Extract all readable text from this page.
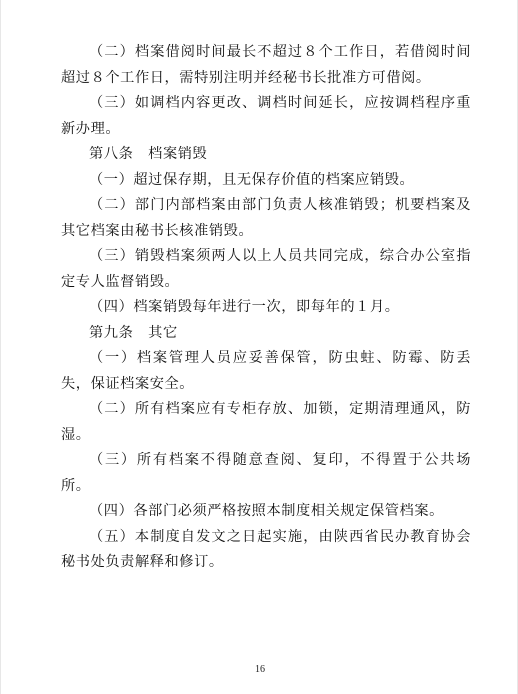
（二）档案借阅时间最长不超过８个工作日，若借阅时间超过８个工作日，需特别注明并经秘书长批准方可借阅。

（三）如调档内容更改、调档时间延长，应按调档程序重新办理。

第八条　档案销毁

（一）超过保存期，且无保存价值的档案应销毁。

（二）部门内部档案由部门负责人核准销毁；机要档案及其它档案由秘书长核准销毁。

（三）销毁档案须两人以上人员共同完成，综合办公室指定专人监督销毁。

（四）档案销毁每年进行一次，即每年的１月。

第九条　其它

（一）档案管理人员应妥善保管，防虫蛀、防霉、防丢失，保证档案安全。

（二）所有档案应有专柜存放、加锁，定期清理通风，防湿。

（三）所有档案不得随意查阅、复印，不得置于公共场所。

（四）各部门必须严格按照本制度相关规定保管档案。

（五）本制度自发文之日起实施，由陕西省民办教育协会秘书处负责解释和修订。

16
